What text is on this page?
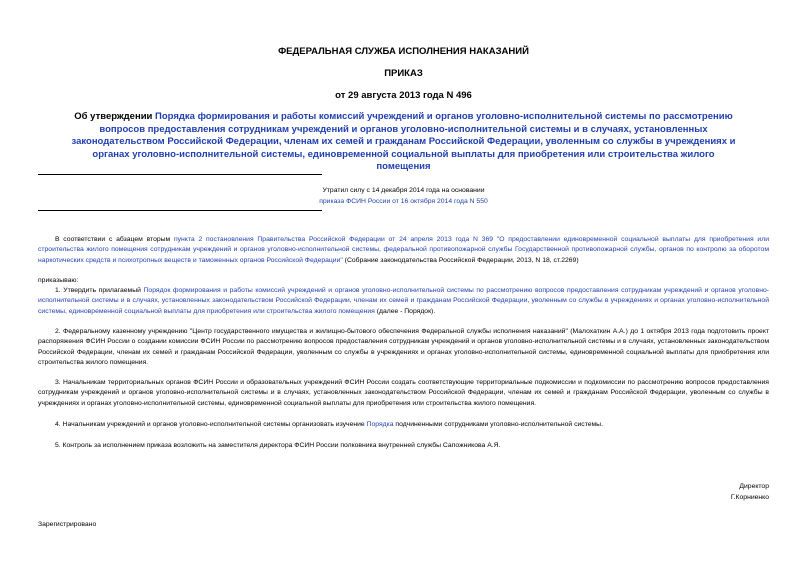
ФЕДЕРАЛЬНАЯ СЛУЖБА ИСПОЛНЕНИЯ НАКАЗАНИЙ
ПРИКАЗ
от 29 августа 2013 года N 496
Об утверждении Порядка формирования и работы комиссий учреждений и органов уголовно-исполнительной системы по рассмотрению вопросов предоставления сотрудникам учреждений и органов уголовно-исполнительной системы и в случаях, установленных законодательством Российской Федерации, членам их семей и гражданам Российской Федерации, уволенным со службы в учреждениях и органах уголовно-исполнительной системы, единовременной социальной выплаты для приобретения или строительства жилого помещения
Утратил силу с 14 декабря 2014 года на основании
приказа ФСИН России от 16 октября 2014 года N 550
В соответствии с абзацем вторым пункта 2 постановления Правительства Российской Федерации от 24 апреля 2013 года N 369 "О предоставлении единовременной социальной выплаты для приобретения или строительства жилого помещения сотрудникам учреждений и органов уголовно-исполнительной системы, федеральной противопожарной службы Государственной противопожарной службы, органов по контролю за оборотом наркотических средств и психотропных веществ и таможенных органов Российской Федерации" (Собрание законодательства Российской Федерации, 2013, N 18, ст.2269)
приказываю:
1. Утвердить прилагаемый Порядок формирования и работы комиссий учреждений и органов уголовно-исполнительной системы по рассмотрению вопросов предоставления сотрудникам учреждений и органов уголовно-исполнительной системы и в случаях, установленных законодательством Российской Федерации, членам их семей и гражданам Российской Федерации, уволенным со службы в учреждениях и органах уголовно-исполнительной системы, единовременной социальной выплаты для приобретения или строительства жилого помещения (далее - Порядок).
2. Федеральному казенному учреждению "Центр государственного имущества и жилищно-бытового обеспечения Федеральной службы исполнения наказаний" (Малохаткин А.А.) до 1 октября 2013 года подготовить проект распоряжения ФСИН России о создании комиссии ФСИН России по рассмотрению вопросов предоставления сотрудникам учреждений и органов уголовно-исполнительной системы и в случаях, установленных законодательством Российской Федерации, членам их семей и гражданам Российской Федерации, уволенным со службы в учреждениях и органах уголовно-исполнительной системы, единовременной социальной выплаты для приобретения или строительства жилого помещения.
3. Начальникам территориальных органов ФСИН России и образовательных учреждений ФСИН России создать соответствующие территориальные подкомиссии и подкомиссии по рассмотрению вопросов предоставления сотрудникам учреждений и органов уголовно-исполнительной системы и в случаях, установленных законодательством Российской Федерации, членам их семей и гражданам Российской Федерации, уволенным со службы в учреждениях и органах уголовно-исполнительной системы, единовременной социальной выплаты для приобретения или строительства жилого помещения.
4. Начальникам учреждений и органов уголовно-исполнительной системы организовать изучение Порядка подчиненными сотрудниками уголовно-исполнительной системы.
5. Контроль за исполнением приказа возложить на заместителя директора ФСИН России полковника внутренней службы Сапожникова А.Я.
Директор
Г.Корниенко
Зарегистрировано
